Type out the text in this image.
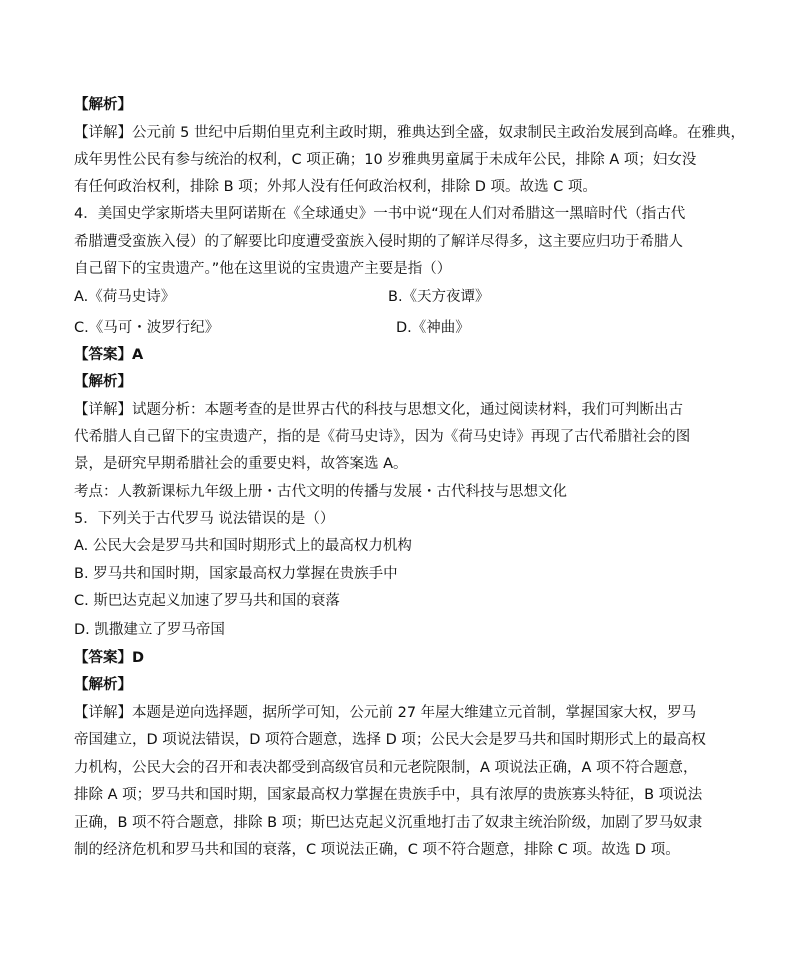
【解析】
【详解】公元前 5 世纪中后期伯里克利主政时期，雅典达到全盛，奴隶制民主政治发展到高峰。在雅典，
成年男性公民有参与统治的权利，C 项正确；10 岁雅典男童属于未成年公民，排除 A 项；妇女没
有任何政治权利，排除 B 项；外邦人没有任何政治权利，排除 D 项。故选 C 项。
4．美国史学家斯塔夫里阿诺斯在《全球通史》一书中说“现在人们对希腊这一黑暗时代（指古代
希腊遭受蛮族入侵）的了解要比印度遭受蛮族入侵时期的了解详尽得多，这主要应归功于希腊人
自己留下的宝贵遗产。”他在这里说的宝贵遗产主要是指（）
A.《荷马史诗》	B.《天方夜谭》
C.《马可・波罗行纪》	D.《神曲》
【答案】A
【解析】
【详解】试题分析：本题考查的是世界古代的科技与思想文化，通过阅读材料，我们可判断出古
代希腊人自己留下的宝贵遗产，指的是《荷马史诗》，因为《荷马史诗》再现了古代希腊社会的图
景，是研究早期希腊社会的重要史料，故答案选 A。
考点：人教新课标九年级上册・古代文明的传播与发展・古代科技与思想文化
5．下列关于古代罗马 说法错误的是（）
A. 公民大会是罗马共和国时期形式上的最高权力机构
B. 罗马共和国时期，国家最高权力掌握在贵族手中
C. 斯巴达克起义加速了罗马共和国的衰落
D. 凯撒建立了罗马帝国
【答案】D
【解析】
【详解】本题是逆向选择题，据所学可知，公元前 27 年屋大维建立元首制，掌握国家大权，罗马
帝国建立，D 项说法错误，D 项符合题意，选择 D 项；公民大会是罗马共和国时期形式上的最高权
力机构，公民大会的召开和表决都受到高级官员和元老院限制，A 项说法正确，A 项不符合题意，
排除 A 项；罗马共和国时期，国家最高权力掌握在贵族手中，具有浓厚的贵族寡头特征，B 项说法
正确，B 项不符合题意，排除 B 项；斯巴达克起义沉重地打击了奴隶主统治阶级，加剧了罗马奴隶
制的经济危机和罗马共和国的衰落，C 项说法正确，C 项不符合题意，排除 C 项。故选 D 项。
